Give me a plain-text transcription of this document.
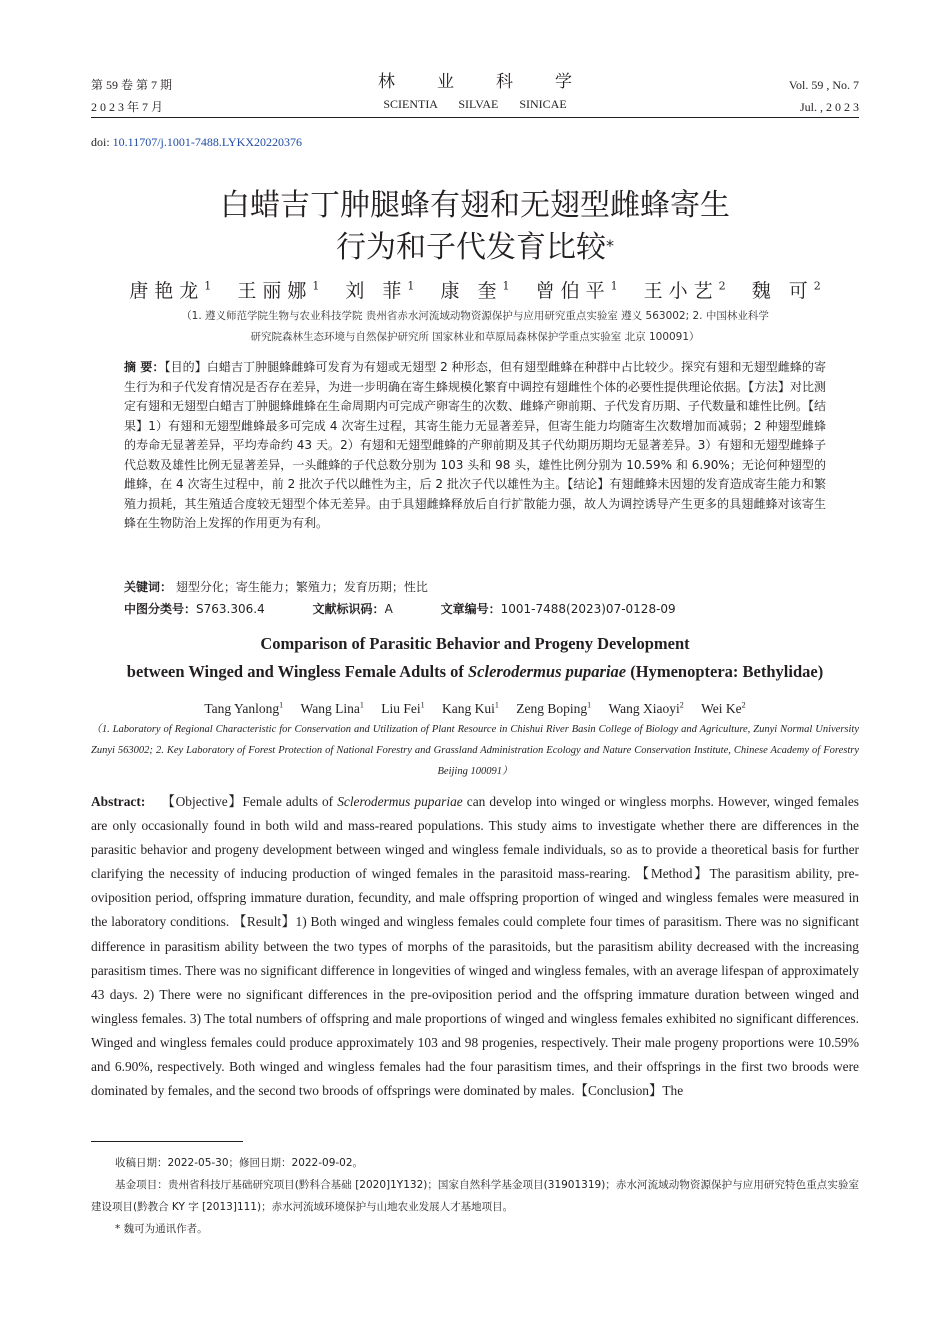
第 59 卷 第 7 期
2 0 2 3 年 7 月
林业科学
SCIENTIA SILVAE SINICAE
Vol. 59 , No. 7
Jul. , 2 0 2 3
doi: 10.11707/j.1001-7488.LYKX20220376
白蜡吉丁肿腿蜂有翅和无翅型雌蜂寄生
行为和子代发育比较*
唐艳龙$^1$ 王丽娜$^1$ 刘 菲$^1$ 康 奎$^1$ 曾伯平$^1$ 王小艺$^2$ 魏 可$^2$
（1. 遵义师范学院生物与农业科技学院 贵州省赤水河流域动物资源保护与应用研究重点实验室 遵义 563002; 2. 中国林业科学
研究院森林生态环境与自然保护研究所 国家林业和草原局森林保护学重点实验室 北京 100091）
摘 要：【目的】白蜡吉丁肿腿蜂雌蜂可发育为有翅或无翅型 2 种形态，但有翅型雌蜂在种群中占比较少。探究有翅和无翅型雌蜂的寄生行为和子代发育情况是否存在差异，为进一步明确在寄生蜂规模化繁育中调控有翅雌性个体的必要性提供理论依据。【方法】对比测定有翅和无翅型白蜡吉丁肿腿蜂雌蜂在生命周期内可完成产卵寄生的次数、雌蜂产卵前期、子代发育历期、子代数量和雄性比例。【结果】1）有翅和无翅型雌蜂最多可完成 4 次寄生过程，其寄生能力无显著差异，但寄生能力均随寄生次数增加而减弱；2 种翅型雌蜂的寿命无显著差异，平均寿命约 43 天。2）有翅和无翅型雌蜂的产卵前期及其子代幼期历期均无显著差异。3）有翅和无翅型雌蜂子代总数及雄性比例无显著差异，一头雌蜂的子代总数分别为 103 头和 98 头，雄性比例分别为 10.59% 和 6.90%；无论何种翅型的雌蜂，在 4 次寄生过程中，前 2 批次子代以雌性为主，后 2 批次子代以雄性为主。【结论】有翅雌蜂未因翅的发育造成寄生能力和繁殖力损耗，其生殖适合度较无翅型个体无差异。由于具翅雌蜂释放后自行扩散能力强，故人为调控诱导产生更多的具翅雌蜂对该寄生蜂在生物防治上发挥的作用更为有利。
关键词： 翅型分化；寄生能力；繁殖力；发育历期；性比
中图分类号：S763.306.4	文献标识码：A	文章编号：1001-7488(2023)07-0128-09
Comparison of Parasitic Behavior and Progeny Development
between Winged and Wingless Female Adults of Sclerodermus pupariae (Hymenoptera: Bethylidae)
Tang Yanlong$^1$ Wang Lina$^1$ Liu Fei$^1$ Kang Kui$^1$ Zeng Boping$^1$ Wang Xiaoyi$^2$ Wei Ke$^2$
（1. Laboratory of Regional Characteristic for Conservation and Utilization of Plant Resource in Chishui River Basin College of Biology and Agriculture, Zunyi Normal University Zunyi 563002; 2. Key Laboratory of Forest Protection of National Forestry and Grassland Administration Ecology and Nature Conservation Institute, Chinese Academy of Forestry Beijing 100091）
Abstract: 【Objective】Female adults of Sclerodermus pupariae can develop into winged or wingless morphs. However, winged females are only occasionally found in both wild and mass-reared populations. This study aims to investigate whether there are differences in the parasitic behavior and progeny development between winged and wingless female individuals, so as to provide a theoretical basis for further clarifying the necessity of inducing production of winged females in the parasitoid mass-rearing. 【Method】The parasitism ability, pre-oviposition period, offspring immature duration, fecundity, and male offspring proportion of winged and wingless females were measured in the laboratory conditions. 【Result】1) Both winged and wingless females could complete four times of parasitism. There was no significant difference in parasitism ability between the two types of morphs of the parasitoids, but the parasitism ability decreased with the increasing parasitism times. There was no significant difference in longevities of winged and wingless females, with an average lifespan of approximately 43 days. 2) There were no significant differences in the pre-oviposition period and the offspring immature duration between winged and wingless females. 3) The total numbers of offspring and male proportions of winged and wingless females exhibited no significant differences. Winged and wingless females could produce approximately 103 and 98 progenies, respectively. Their male progeny proportions were 10.59% and 6.90%, respectively. Both winged and wingless females had the four parasitism times, and their offsprings in the first two broods were dominated by females, and the second two broods of offsprings were dominated by males.【Conclusion】The

收稿日期：2022-05-30；修回日期：2022-09-02。

基金项目：贵州省科技厅基础研究项目(黔科合基础 [2020]1Y132)；国家自然科学基金项目(31901319)；赤水河流域动物资源保护与应用研究特色重点实验室建设项目(黔教合 KY 字 [2013]111)；赤水河流域环境保护与山地农业发展人才基地项目。

* 魏可为通讯作者。
